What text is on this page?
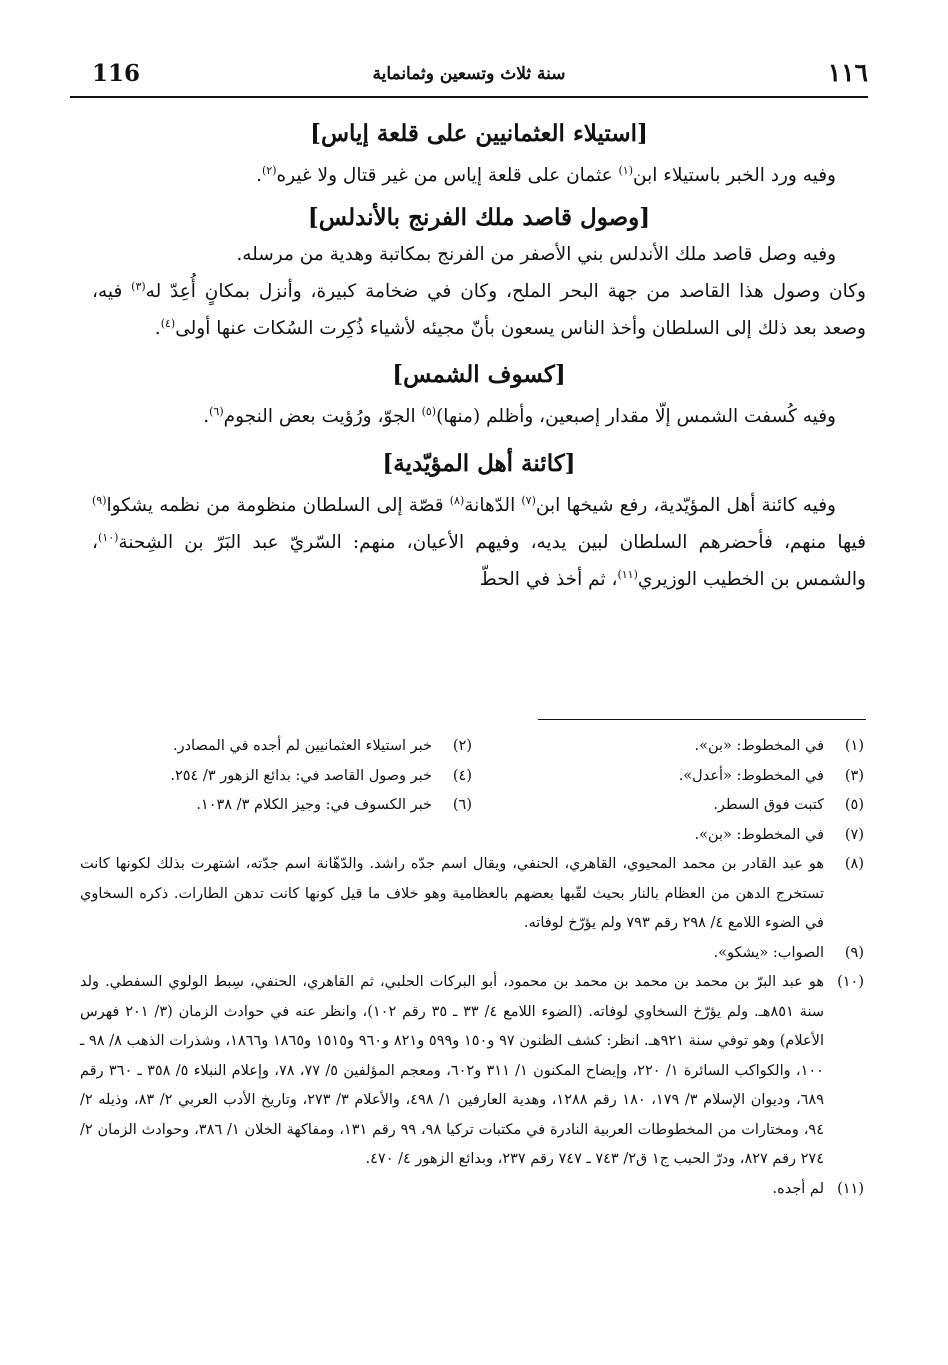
١١٦
سنة ثلاث وتسعين وثمانماية
116
[استيلاء العثمانيين على قلعة إياس]

وفيه ورد الخبر باستيلاء ابن$^{(١)}$ عثمان على قلعة إياس من غير قتال ولا غيره$^{(٢)}$.

[وصول قاصد ملك الفرنج بالأندلس]

وفيه وصل قاصد ملك الأندلس بني الأصفر من الفرنج بمكاتبة وهدية من مرسله.

وكان وصول هذا القاصد من جهة البحر الملح، وكان في ضخامة كبيرة، وأنزل بمكانٍ أُعِدّ له$^{(٣)}$ فيه، وصعد بعد ذلك إلى السلطان وأخذ الناس يسعون بأنّ مجيئه لأشياء ذُكِرت السُكات عنها أولى$^{(٤)}$.

[كسوف الشمس]

وفيه كُسفت الشمس إلّا مقدار إصبعين، وأظلم (منها)$^{(٥)}$ الجوّ، ورُؤيت بعض النجوم$^{(٦)}$.

[كائنة أهل المؤيّدية]

وفيه كائنة أهل المؤيّدية، رفع شيخها ابن$^{(٧)}$ الدّهانة$^{(٨)}$ قصّة إلى السلطان منظومة من نظمه يشكوا$^{(٩)}$ فيها منهم، فأحضرهم السلطان لبين يديه، وفيهم الأعيان، منهم: السّريّ عبد البَرّ بن الشِحنة$^{(١٠)}$، والشمس بن الخطيب الوزيري$^{(١١)}$، ثم أخذ في الحطّ

(١)
في المخطوط: «بن».
(٢)
خبر استيلاء العثمانيين لم أجده في المصادر.
(٣)
في المخطوط: «أعدل».
(٤)
خبر وصول القاصد في: بدائع الزهور ٣/ ٢٥٤.
(٥)
كتبت فوق السطر.
(٦)
خبر الكسوف في: وجيز الكلام ٣/ ١٠٣٨.
(٧)
في المخطوط: «بن».
(٨)
هو عبد القادر بن محمد المحيوي، القاهري، الحنفي، ويقال اسم جدّه راشد. والدّهّانة اسم جدّته، اشتهرت بذلك لكونها كانت تستخرج الدهن من العظام بالنار بحيث لقّبها بعضهم بالعظامية وهو خلاف ما قيل كونها كانت تدهن الطارات. ذكره السخاوي في الضوء اللامع ٤/ ٢٩٨ رقم ٧٩٣ ولم يؤرّخ لوفاته.
(٩)
الصواب: «يشكو».
(١٠)
هو عبد البرّ بن محمد بن محمد بن محمد بن محمود، أبو البركات الحلبي، ثم القاهري، الحنفي، سِبط الولوي السفطي. ولد سنة ٨٥١هـ. ولم يؤرّخ السخاوي لوفاته. (الضوء اللامع ٤/ ٣٣ ـ ٣٥ رقم ١٠٢)، وانظر عنه في حوادث الزمان (٣/ ٢٠١ فهرس الأعلام) وهو توفي سنة ٩٢١هـ. انظر: كشف الظنون ٩٧ و١٥٠ و٥٩٩ و٨٢١ و٩٦٠ و١٥١٥ و١٨٦٥ و١٨٦٦، وشذرات الذهب ٨/ ٩٨ ـ ١٠٠، والكواكب السائرة ١/ ٢٢٠، وإيضاح المكنون ١/ ٣١١ و٦٠٢، ومعجم المؤلفين ٥/ ٧٧، ٧٨، وإعلام النبلاء ٥/ ٣٥٨ ـ ٣٦٠ رقم ٦٨٩، وديوان الإسلام ٣/ ١٧٩، ١٨٠ رقم ١٢٨٨، وهدية العارفين ١/ ٤٩٨، والأعلام ٣/ ٢٧٣، وتاريخ الأدب العربي ٢/ ٨٣، وذيله ٢/ ٩٤، ومختارات من المخطوطات العربية النادرة في مكتبات تركيا ٩٨، ٩٩ رقم ١٣١، ومفاكهة الخلان ١/ ٣٨٦، وحوادث الزمان ٢/ ٢٧٤ رقم ٨٢٧، ودرّ الحبب ج١ ق٢/ ٧٤٣ ـ ٧٤٧ رقم ٢٣٧، وبدائع الزهور ٤/ ٤٧٠.
(١١)
لم أجده.
